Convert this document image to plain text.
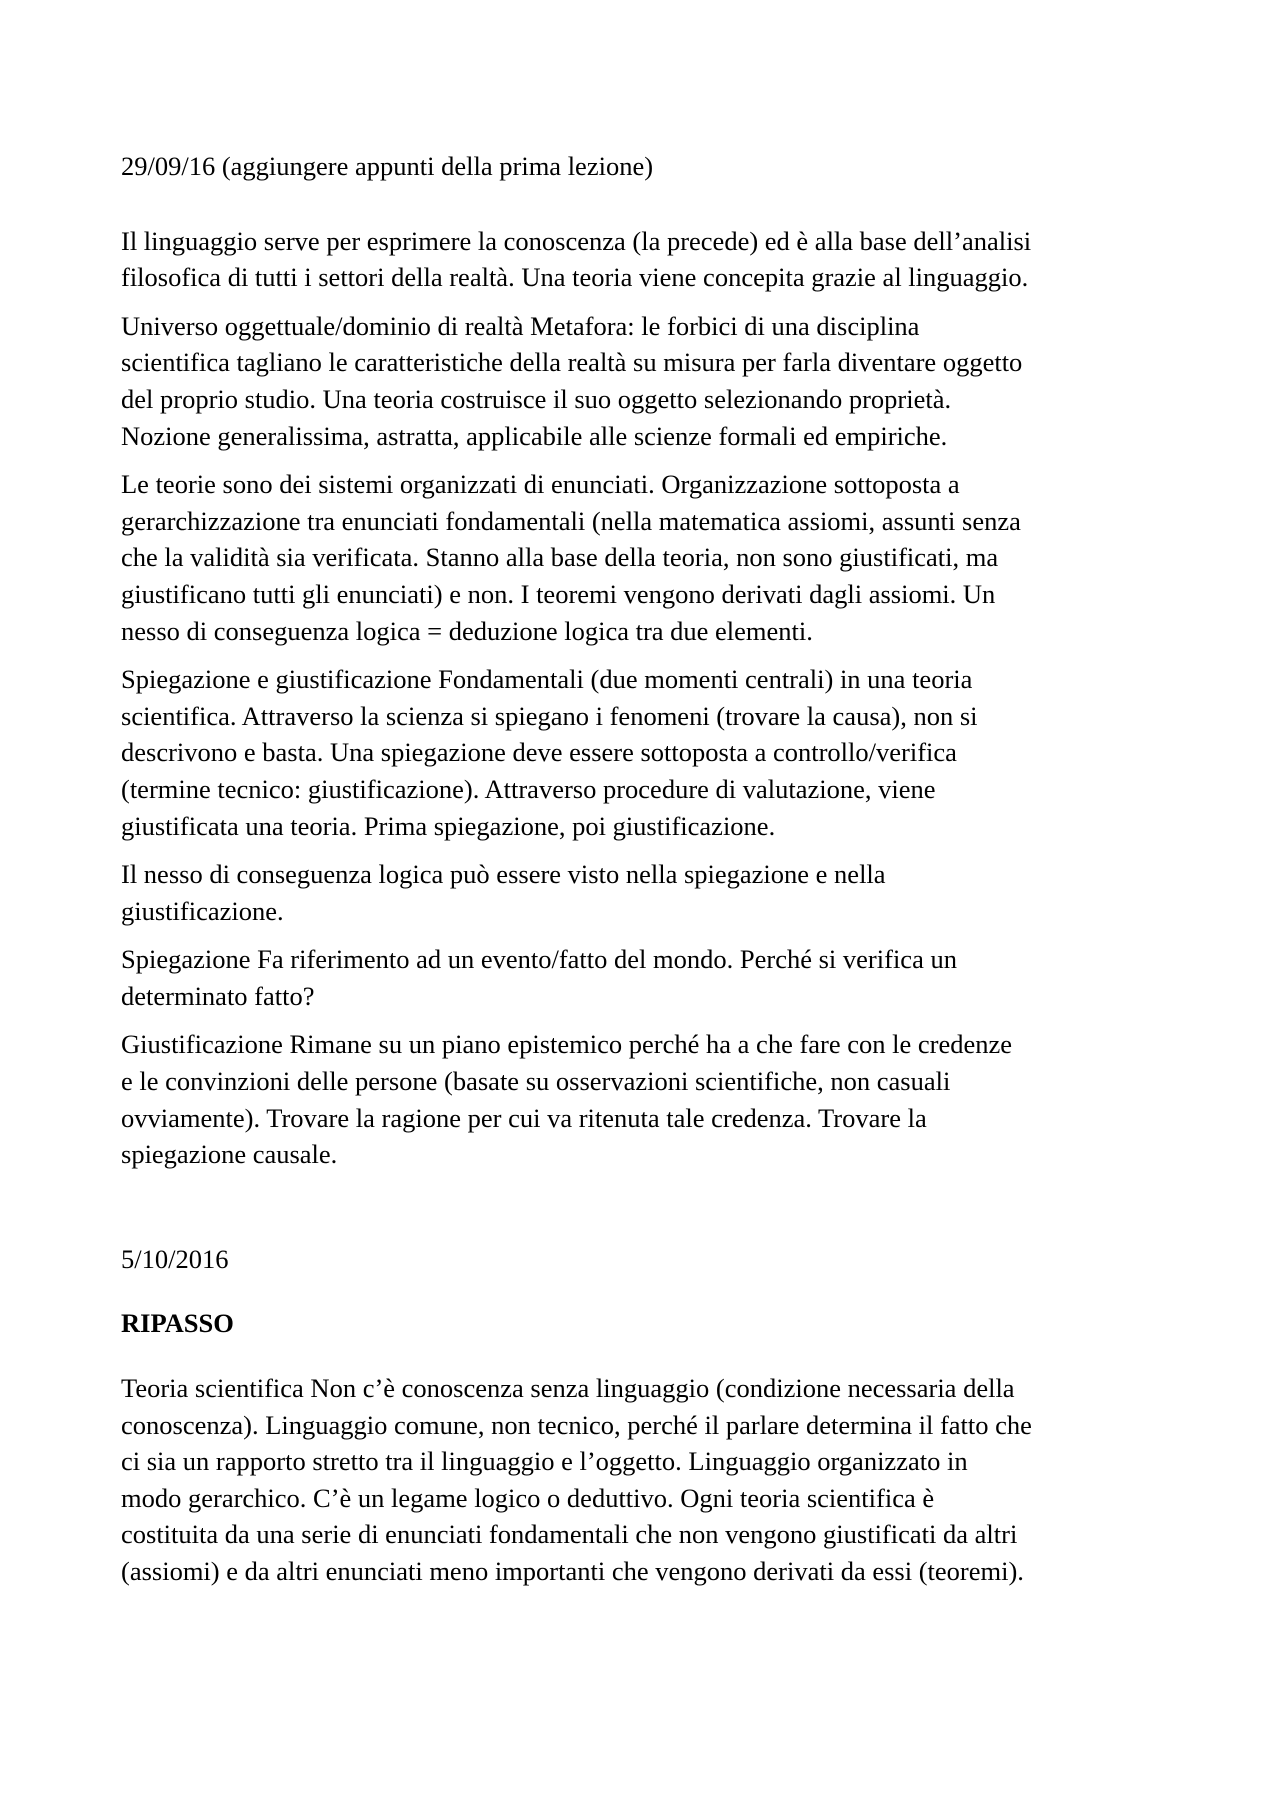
29/09/16 (aggiungere appunti della prima lezione)

Il linguaggio serve per esprimere la conoscenza (la precede) ed è alla base dell’analisi

filosofica di tutti i settori della realtà. Una teoria viene concepita grazie al linguaggio.

Universo oggettuale/dominio di realtà Metafora: le forbici di una disciplina

scientifica tagliano le caratteristiche della realtà su misura per farla diventare oggetto

del proprio studio. Una teoria costruisce il suo oggetto selezionando proprietà.

Nozione generalissima, astratta, applicabile alle scienze formali ed empiriche.

Le teorie sono dei sistemi organizzati di enunciati. Organizzazione sottoposta a

gerarchizzazione tra enunciati fondamentali (nella matematica assiomi, assunti senza

che la validità sia verificata. Stanno alla base della teoria, non sono giustificati, ma

giustificano tutti gli enunciati) e non. I teoremi vengono derivati dagli assiomi. Un

nesso di conseguenza logica = deduzione logica tra due elementi.

Spiegazione e giustificazione Fondamentali (due momenti centrali) in una teoria

scientifica. Attraverso la scienza si spiegano i fenomeni (trovare la causa), non si

descrivono e basta. Una spiegazione deve essere sottoposta a controllo/verifica

(termine tecnico: giustificazione). Attraverso procedure di valutazione, viene

giustificata una teoria. Prima spiegazione, poi giustificazione.

Il nesso di conseguenza logica può essere visto nella spiegazione e nella

giustificazione.

Spiegazione Fa riferimento ad un evento/fatto del mondo. Perché si verifica un

determinato fatto?

Giustificazione Rimane su un piano epistemico perché ha a che fare con le credenze

e le convinzioni delle persone (basate su osservazioni scientifiche, non casuali

ovviamente). Trovare la ragione per cui va ritenuta tale credenza. Trovare la

spiegazione causale.

5/10/2016

RIPASSO

Teoria scientifica Non c’è conoscenza senza linguaggio (condizione necessaria della

conoscenza). Linguaggio comune, non tecnico, perché il parlare determina il fatto che

ci sia un rapporto stretto tra il linguaggio e l’oggetto. Linguaggio organizzato in

modo gerarchico. C’è un legame logico o deduttivo. Ogni teoria scientifica è

costituita da una serie di enunciati fondamentali che non vengono giustificati da altri

(assiomi) e da altri enunciati meno importanti che vengono derivati da essi (teoremi).
